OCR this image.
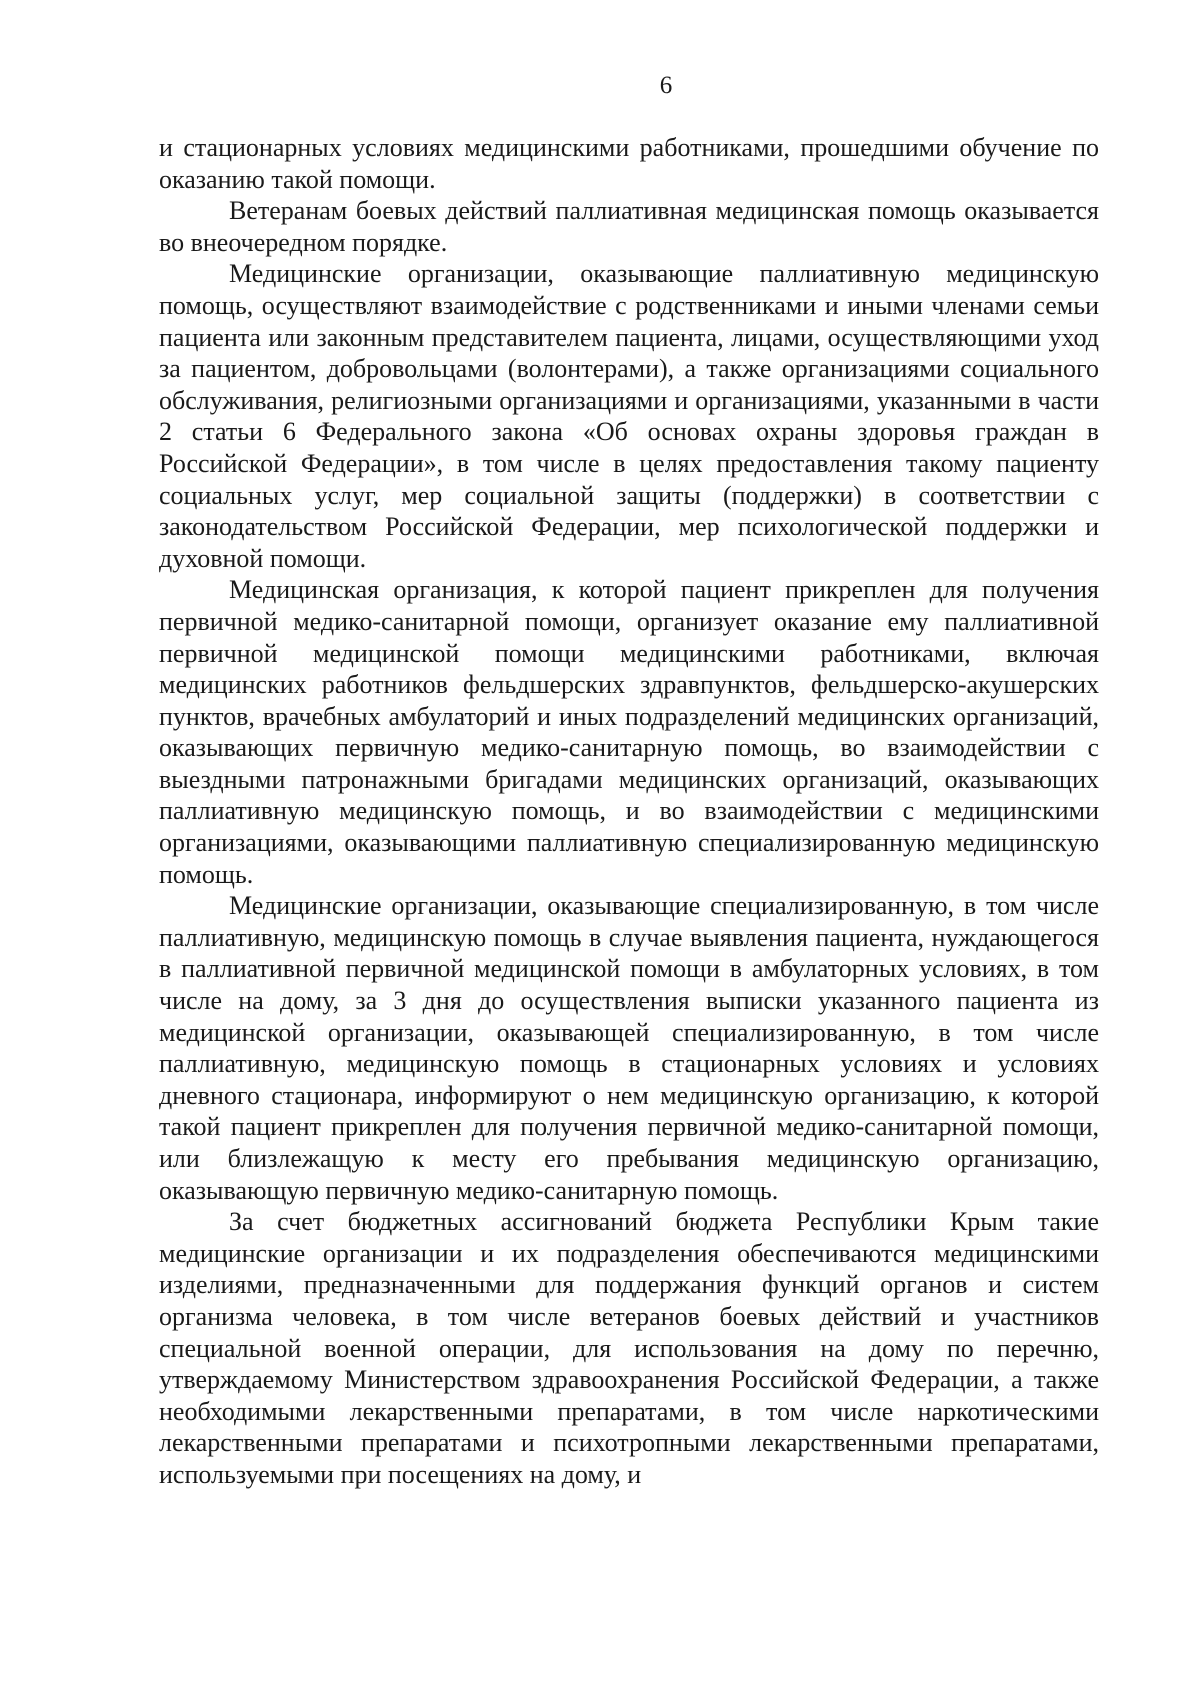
6

и стационарных условиях медицинскими работниками, прошедшими обучение по оказанию такой помощи.

Ветеранам боевых действий паллиативная медицинская помощь оказывается во внеочередном порядке.

Медицинские организации, оказывающие паллиативную медицинскую помощь, осуществляют взаимодействие с родственниками и иными членами семьи пациента или законным представителем пациента, лицами, осуществляющими уход за пациентом, добровольцами (волонтерами), а также организациями социального обслуживания, религиозными организациями и организациями, указанными в части 2 статьи 6 Федерального закона «Об основах охраны здоровья граждан в Российской Федерации», в том числе в целях предоставления такому пациенту социальных услуг, мер социальной защиты (поддержки) в соответствии с законодательством Российской Федерации, мер психологической поддержки и духовной помощи.

Медицинская организация, к которой пациент прикреплен для получения первичной медико-санитарной помощи, организует оказание ему паллиативной первичной медицинской помощи медицинскими работниками, включая медицинских работников фельдшерских здравпунктов, фельдшерско-акушерских пунктов, врачебных амбулаторий и иных подразделений медицинских организаций, оказывающих первичную медико-санитарную помощь, во взаимодействии с выездными патронажными бригадами медицинских организаций, оказывающих паллиативную медицинскую помощь, и во взаимодействии с медицинскими организациями, оказывающими паллиативную специализированную медицинскую помощь.

Медицинские организации, оказывающие специализированную, в том числе паллиативную, медицинскую помощь в случае выявления пациента, нуждающегося в паллиативной первичной медицинской помощи в амбулаторных условиях, в том числе на дому, за 3 дня до осуществления выписки указанного пациента из медицинской организации, оказывающей специализированную, в том числе паллиативную, медицинскую помощь в стационарных условиях и условиях дневного стационара, информируют о нем медицинскую организацию, к которой такой пациент прикреплен для получения первичной медико-санитарной помощи, или близлежащую к месту его пребывания медицинскую организацию, оказывающую первичную медико-санитарную помощь.

За счет бюджетных ассигнований бюджета Республики Крым такие медицинские организации и их подразделения обеспечиваются медицинскими изделиями, предназначенными для поддержания функций органов и систем организма человека, в том числе ветеранов боевых действий и участников специальной военной операции, для использования на дому по перечню, утверждаемому Министерством здравоохранения Российской Федерации, а также необходимыми лекарственными препаратами, в том числе наркотическими лекарственными препаратами и психотропными лекарственными препаратами, используемыми при посещениях на дому, и
